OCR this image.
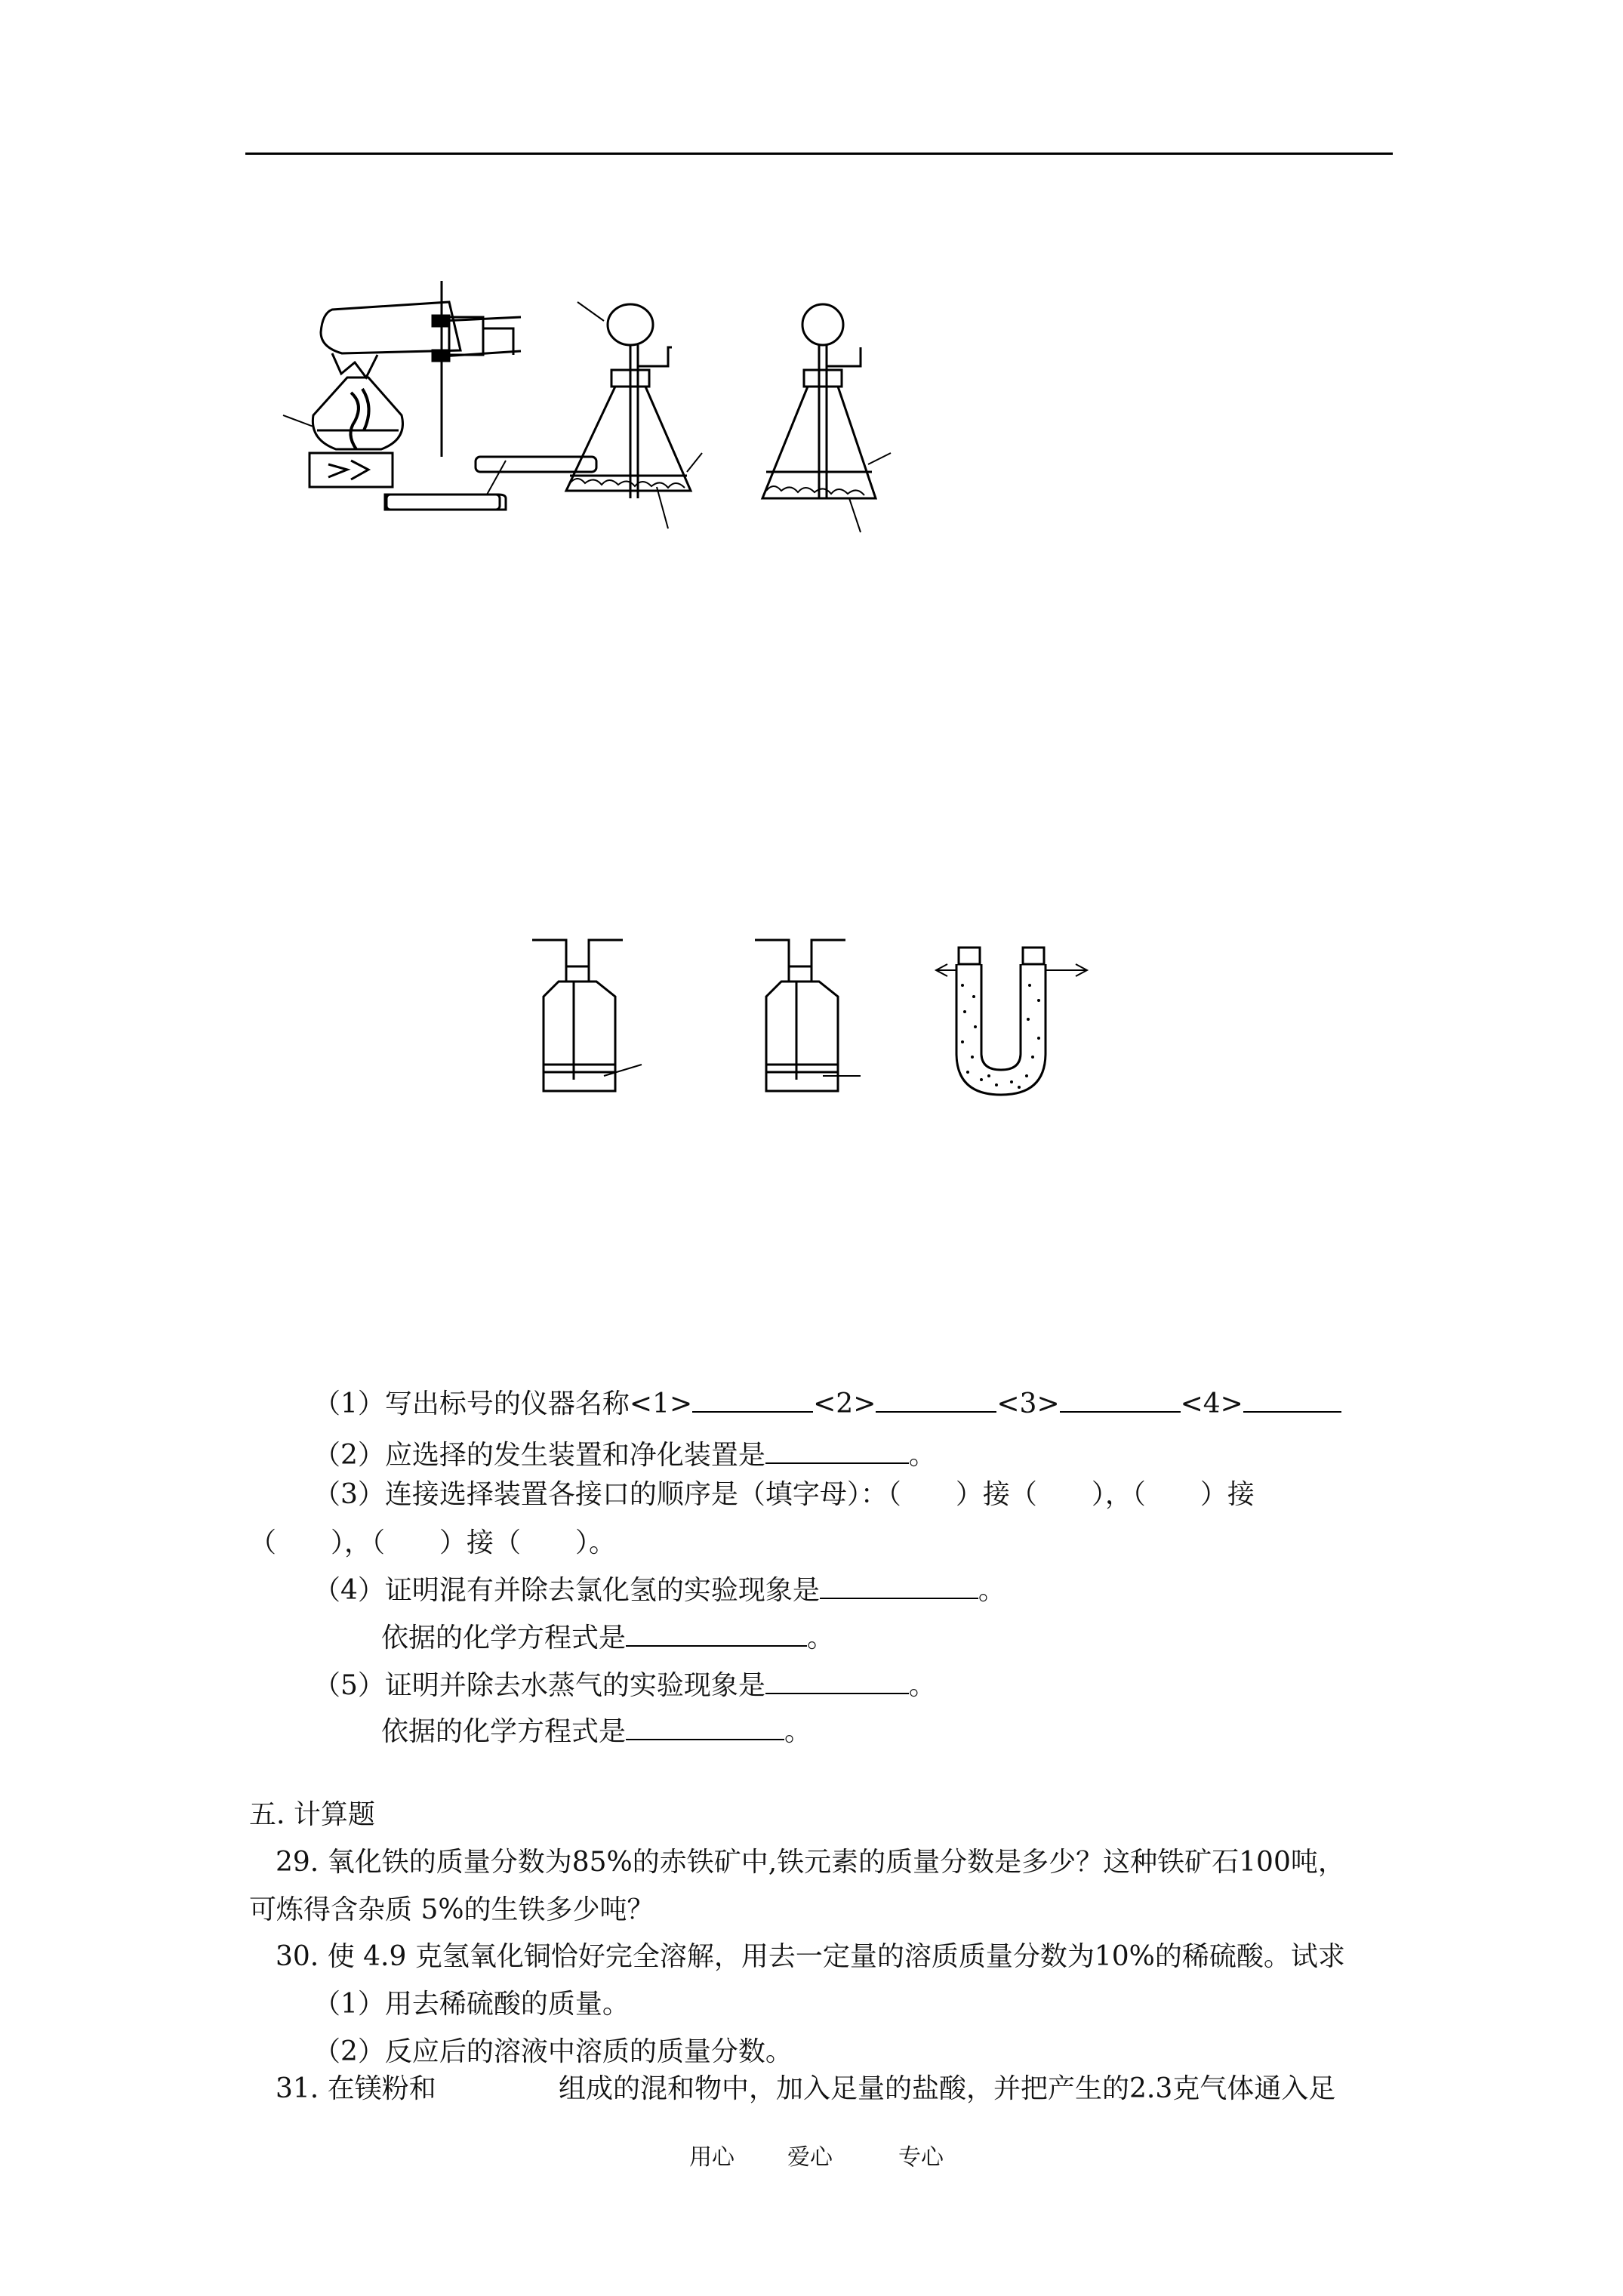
（1）写出标号的仪器名称<1>	<2>	<3>	<4>
（2）应选择的发生装置和净化装置是	。
（3）连接选择装置各接口的顺序是（填字母）：（　　）接（　　），（　　）接
（　　），（　　）接（　　）。
（4）证明混有并除去氯化氢的实验现象是	。
依据的化学方程式是	。
（5）证明并除去水蒸气的实验现象是	。
依据的化学方程式是	。
五. 计算题
29. 氧化铁的质量分数为85%的赤铁矿中,铁元素的质量分数是多少？这种铁矿石100吨，
可炼得含杂质 5%的生铁多少吨？
30. 使 4.9 克氢氧化铜恰好完全溶解，用去一定量的溶质质量分数为10%的稀硫酸。试求
（1）用去稀硫酸的质量。
（2）反应后的溶液中溶质的质量分数。
31. 在镁粉和	组成的混和物中，加入足量的盐酸，并把产生的2.3克气体通入足
用心 爱心	专心
